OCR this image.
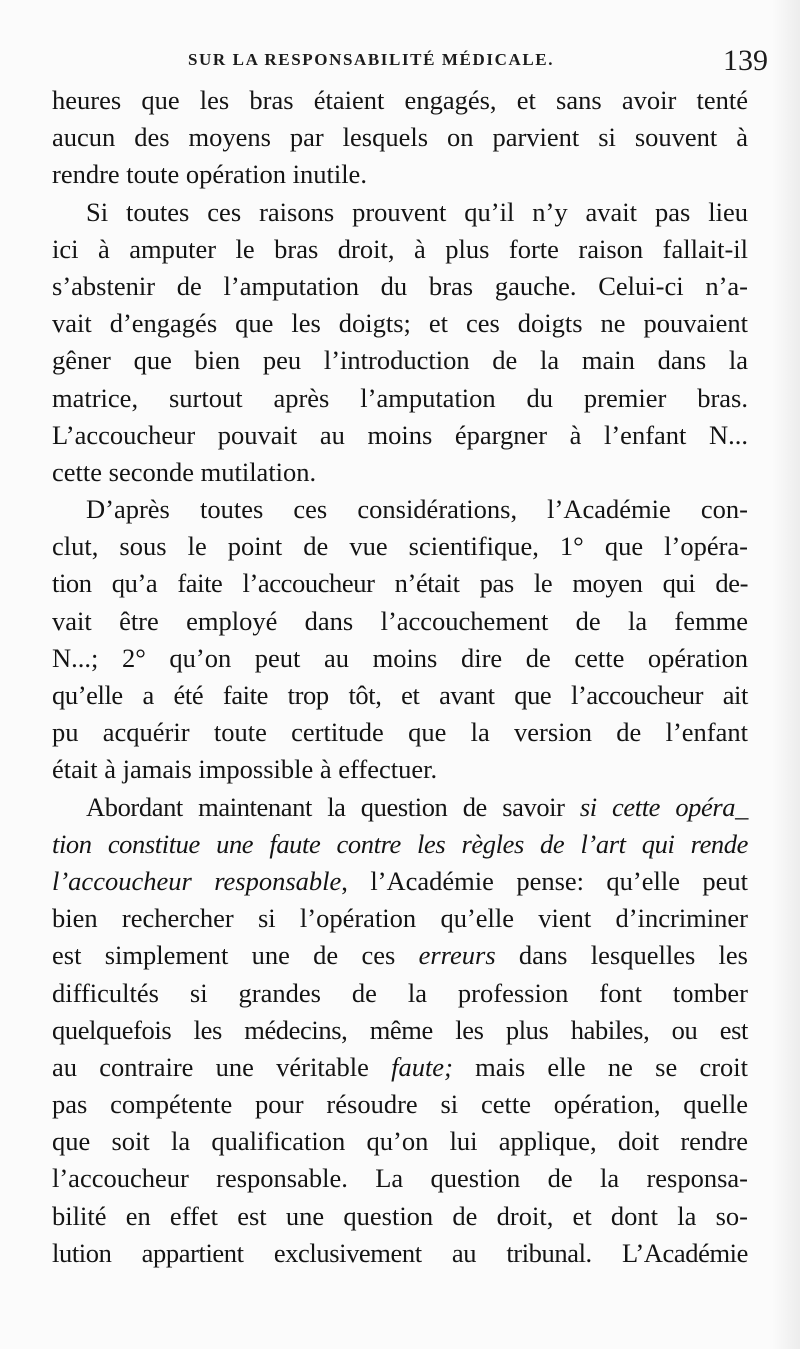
SUR LA RESPONSABILITÉ MÉDICALE.	139
heures que les bras étaient engagés, et sans avoir tenté
aucun des moyens par lesquels on parvient si souvent à
rendre toute opération inutile.
Si toutes ces raisons prouvent qu’il n’y avait pas lieu
ici à amputer le bras droit, à plus forte raison fallait-il
s’abstenir de l’amputation du bras gauche. Celui-ci n’a-
vait d’engagés que les doigts; et ces doigts ne pouvaient
gêner que bien peu l’introduction de la main dans la
matrice, surtout après l’amputation du premier bras.
L’accoucheur pouvait au moins épargner à l’enfant N...
cette seconde mutilation.
D’après toutes ces considérations, l’Académie con-
clut, sous le point de vue scientifique, 1° que l’opéra-
tion qu’a faite l’accoucheur n’était pas le moyen qui de-
vait être employé dans l’accouchement de la femme
N...; 2° qu’on peut au moins dire de cette opération
qu’elle a été faite trop tôt, et avant que l’accoucheur ait
pu acquérir toute certitude que la version de l’enfant
était à jamais impossible à effectuer.
Abordant maintenant la question de savoir si cette opéra_
tion constitue une faute contre les règles de l’art qui rende
l’accoucheur responsable, l’Académie pense: qu’elle peut
bien rechercher si l’opération qu’elle vient d’incriminer
est simplement une de ces erreurs dans lesquelles les
difficultés si grandes de la profession font tomber
quelquefois les médecins, même les plus habiles, ou est
au contraire une véritable faute; mais elle ne se croit
pas compétente pour résoudre si cette opération, quelle
que soit la qualification qu’on lui applique, doit rendre
l’accoucheur responsable. La question de la responsa-
bilité en effet est une question de droit, et dont la so-
lution appartient exclusivement au tribunal. L’Académie
